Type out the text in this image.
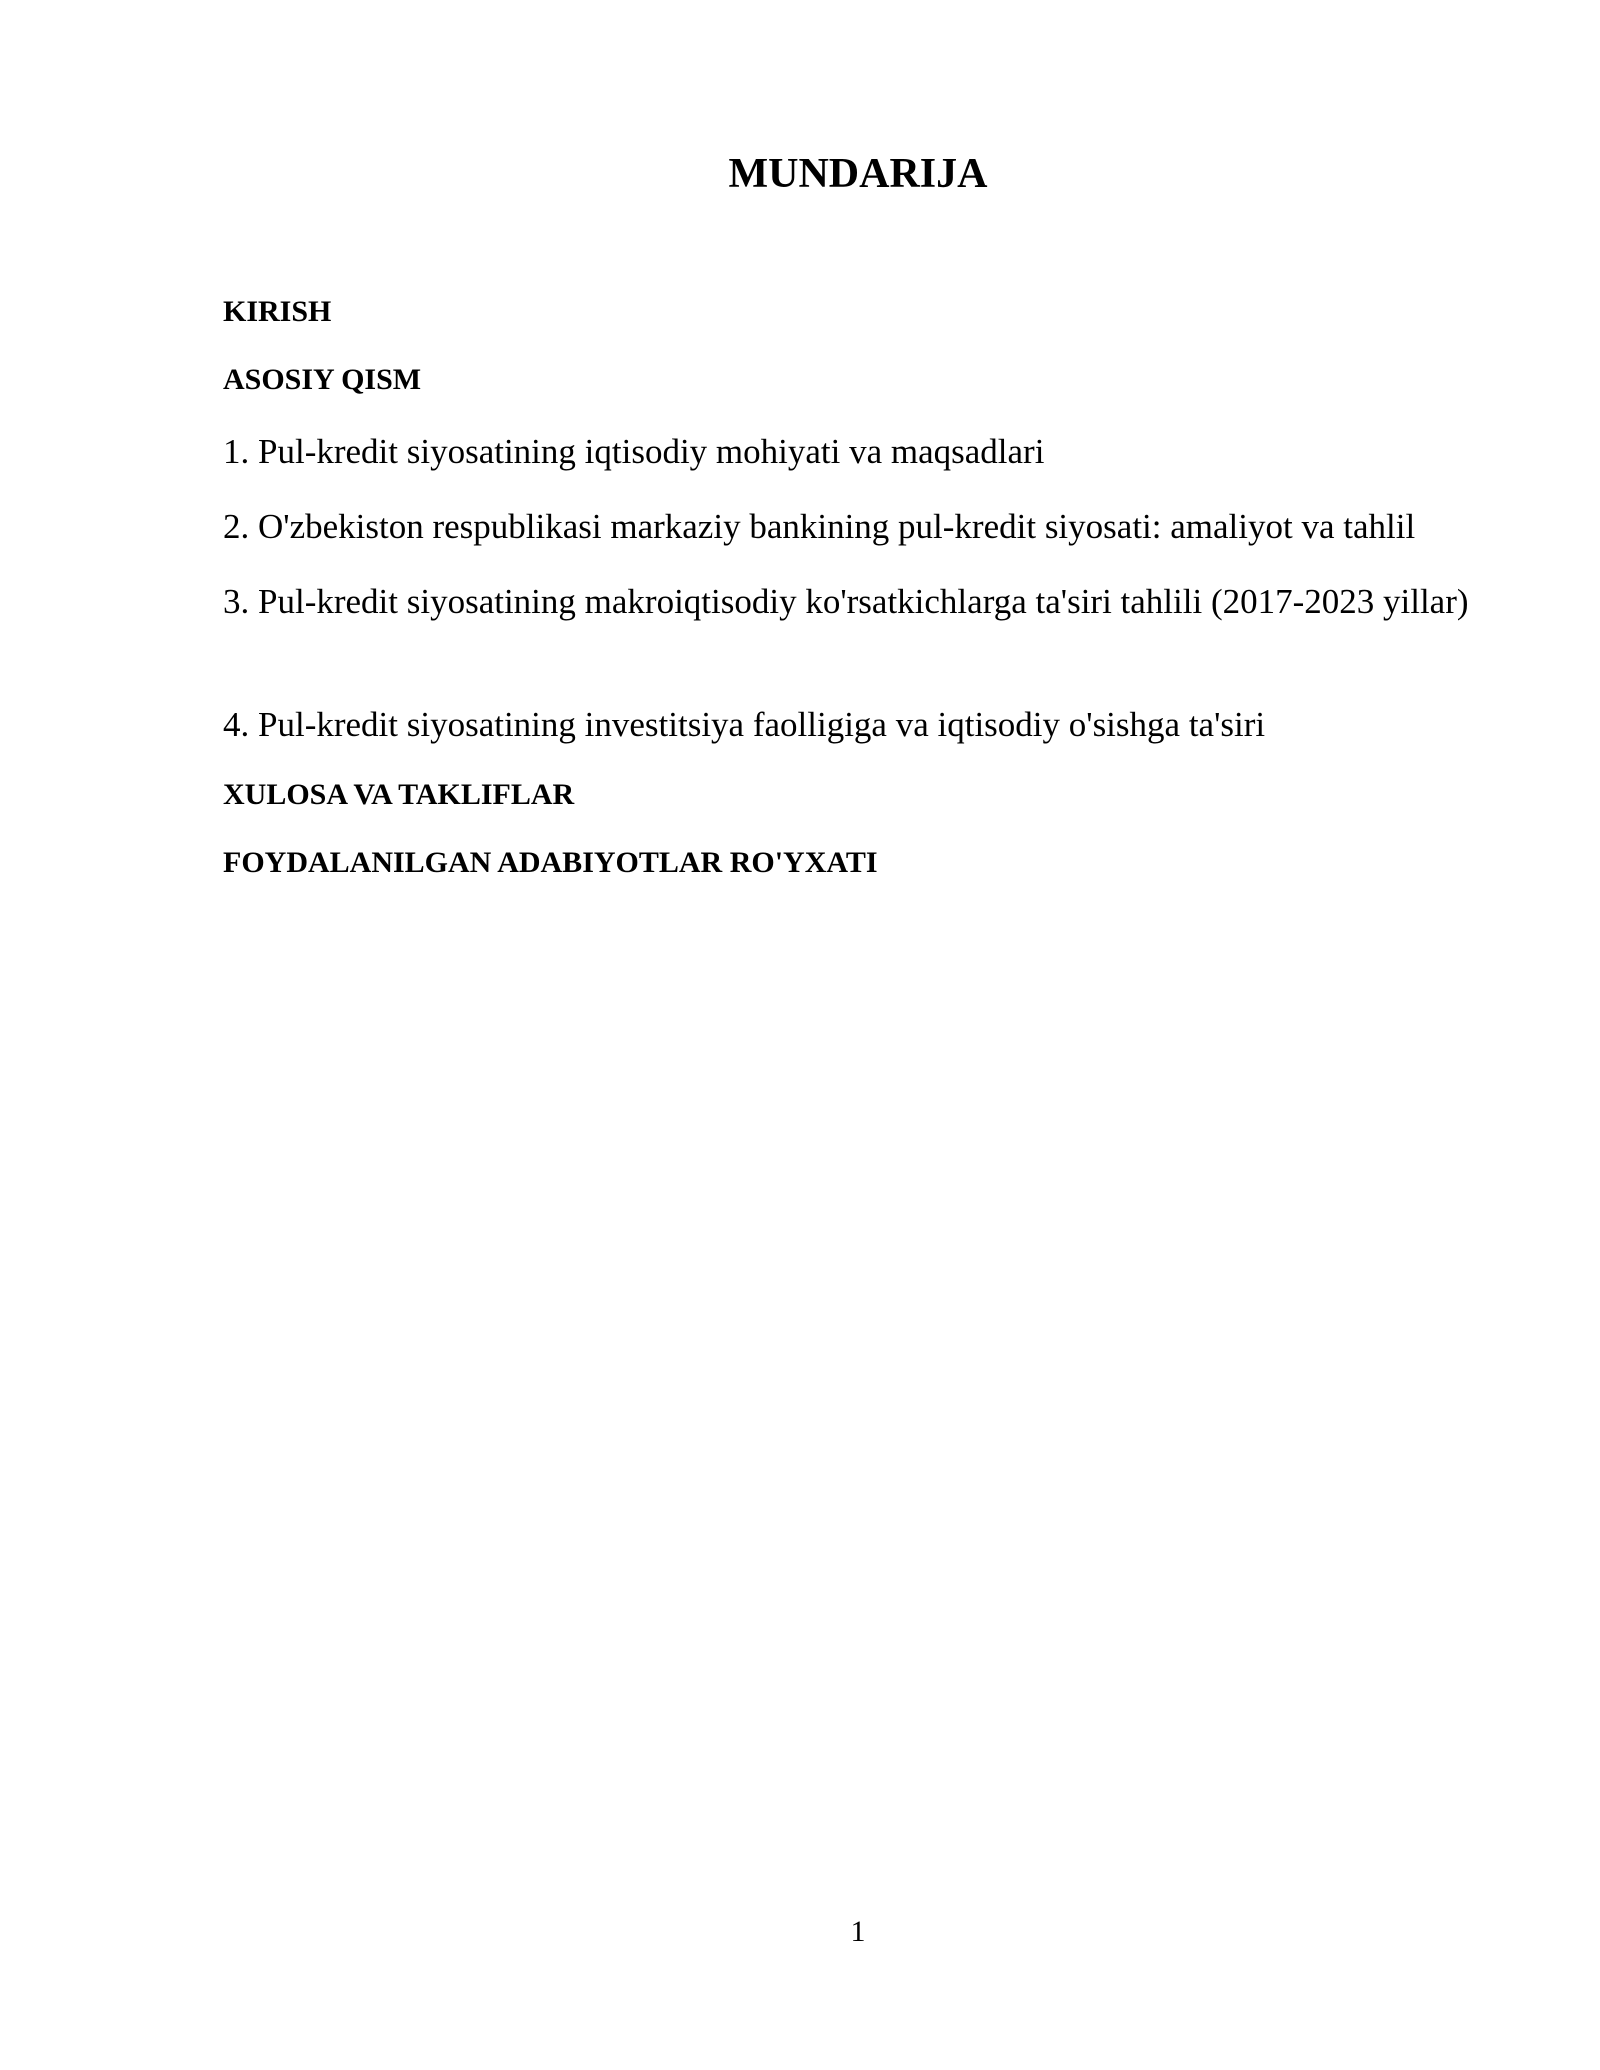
MUNDARIJA

KIRISH

ASOSIY QISM

1. Pul-kredit siyosatining iqtisodiy mohiyati va maqsadlari

2. O'zbekiston respublikasi markaziy bankining pul-kredit siyosati: amaliyot va tahlil

3. Pul-kredit siyosatining makroiqtisodiy ko'rsatkichlarga ta'siri tahlili (2017-2023 yillar)

4. Pul-kredit siyosatining investitsiya faolligiga va iqtisodiy o'sishga ta'siri

XULOSA VA TAKLIFLAR

FOYDALANILGAN ADABIYOTLAR RO'YXATI

1
